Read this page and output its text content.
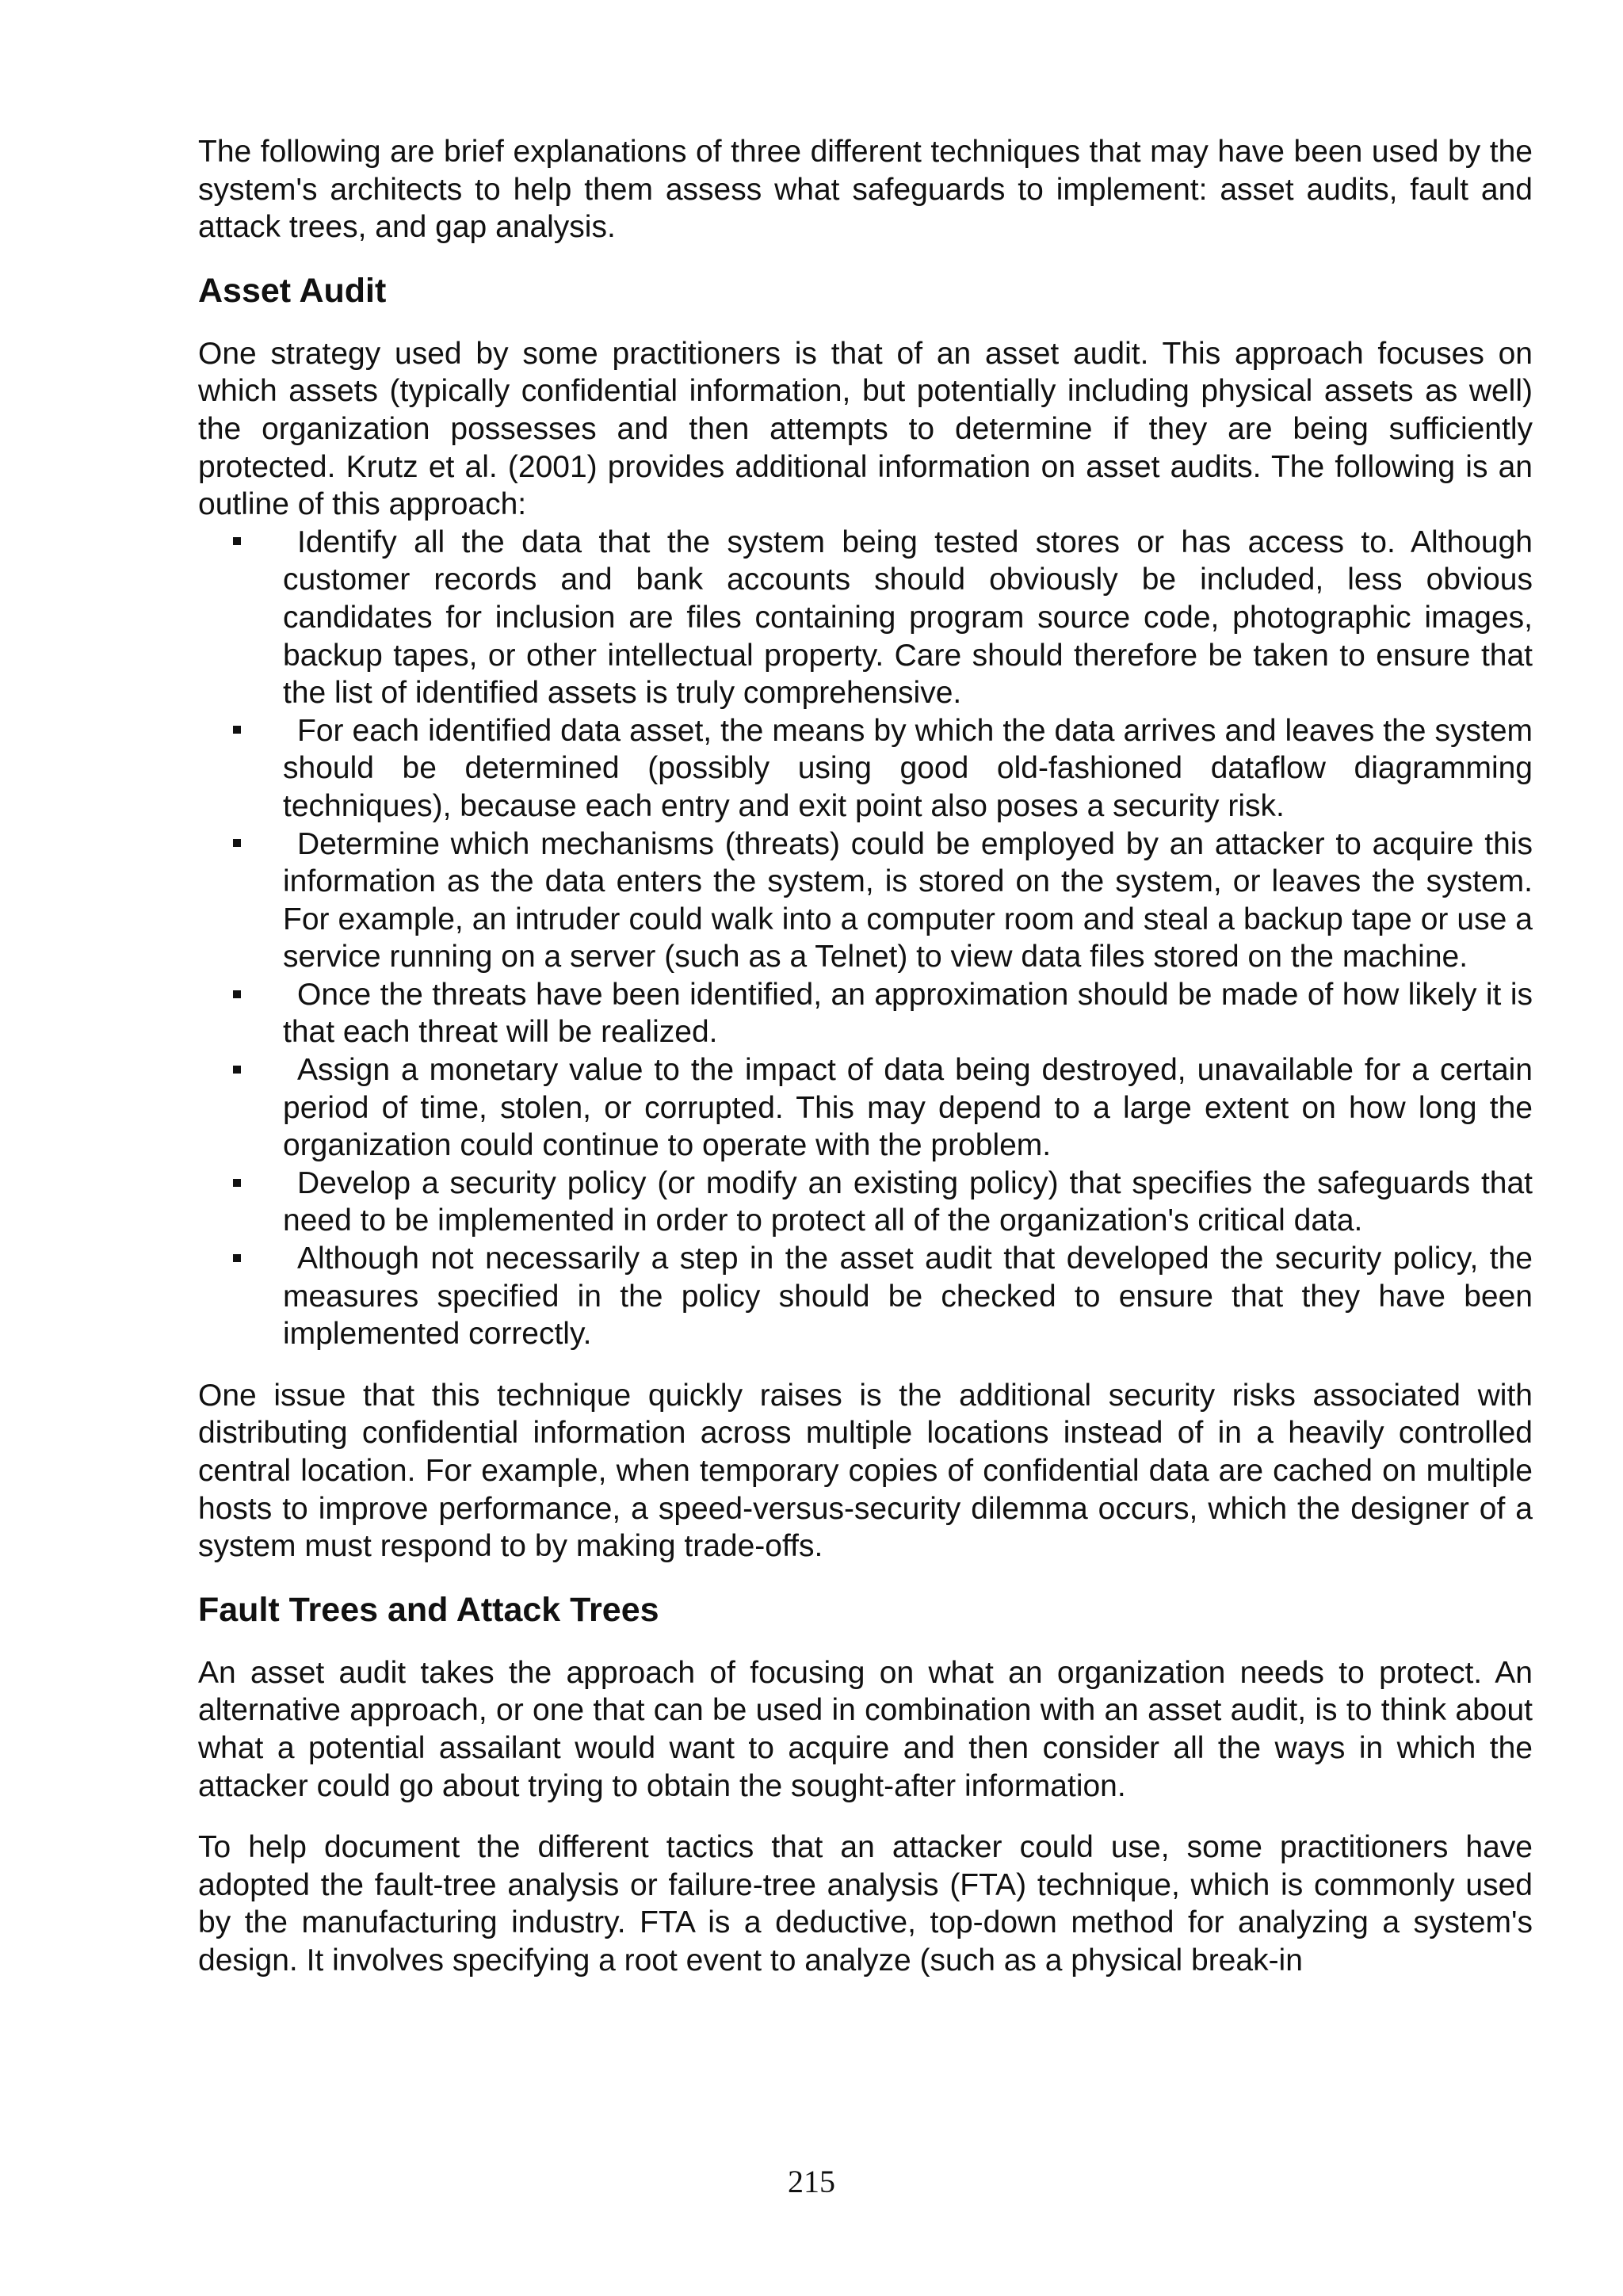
The following are brief explanations of three different techniques that may have been used by the system's architects to help them assess what safeguards to implement: asset audits, fault and attack trees, and gap analysis.

Asset Audit

One strategy used by some practitioners is that of an asset audit. This approach focuses on which assets (typically confidential information, but potentially including physical assets as well) the organization possesses and then attempts to determine if they are being sufficiently protected. Krutz et al. (2001) provides additional information on asset audits. The following is an outline of this approach:

Identify all the data that the system being tested stores or has access to. Although customer records and bank accounts should obviously be included, less obvious candidates for inclusion are files containing program source code, photographic images, backup tapes, or other intellectual property. Care should therefore be taken to ensure that the list of identified assets is truly comprehensive.
For each identified data asset, the means by which the data arrives and leaves the system should be determined (possibly using good old-fashioned dataflow diagramming techniques), because each entry and exit point also poses a security risk.
Determine which mechanisms (threats) could be employed by an attacker to acquire this information as the data enters the system, is stored on the system, or leaves the system. For example, an intruder could walk into a computer room and steal a backup tape or use a service running on a server (such as a Telnet) to view data files stored on the machine.
Once the threats have been identified, an approximation should be made of how likely it is that each threat will be realized.
Assign a monetary value to the impact of data being destroyed, unavailable for a certain period of time, stolen, or corrupted. This may depend to a large extent on how long the organization could continue to operate with the problem.
Develop a security policy (or modify an existing policy) that specifies the safeguards that need to be implemented in order to protect all of the organization's critical data.
Although not necessarily a step in the asset audit that developed the security policy, the measures specified in the policy should be checked to ensure that they have been implemented correctly.

One issue that this technique quickly raises is the additional security risks associated with distributing confidential information across multiple locations instead of in a heavily controlled central location. For example, when temporary copies of confidential data are cached on multiple hosts to improve performance, a speed-versus-security dilemma occurs, which the designer of a system must respond to by making trade-offs.

Fault Trees and Attack Trees

An asset audit takes the approach of focusing on what an organization needs to protect. An alternative approach, or one that can be used in combination with an asset audit, is to think about what a potential assailant would want to acquire and then consider all the ways in which the attacker could go about trying to obtain the sought-after information.

To help document the different tactics that an attacker could use, some practitioners have adopted the fault-tree analysis or failure-tree analysis (FTA) technique, which is commonly used by the manufacturing industry. FTA is a deductive, top-down method for analyzing a system's design. It involves specifying a root event to analyze (such as a physical break-in

215
